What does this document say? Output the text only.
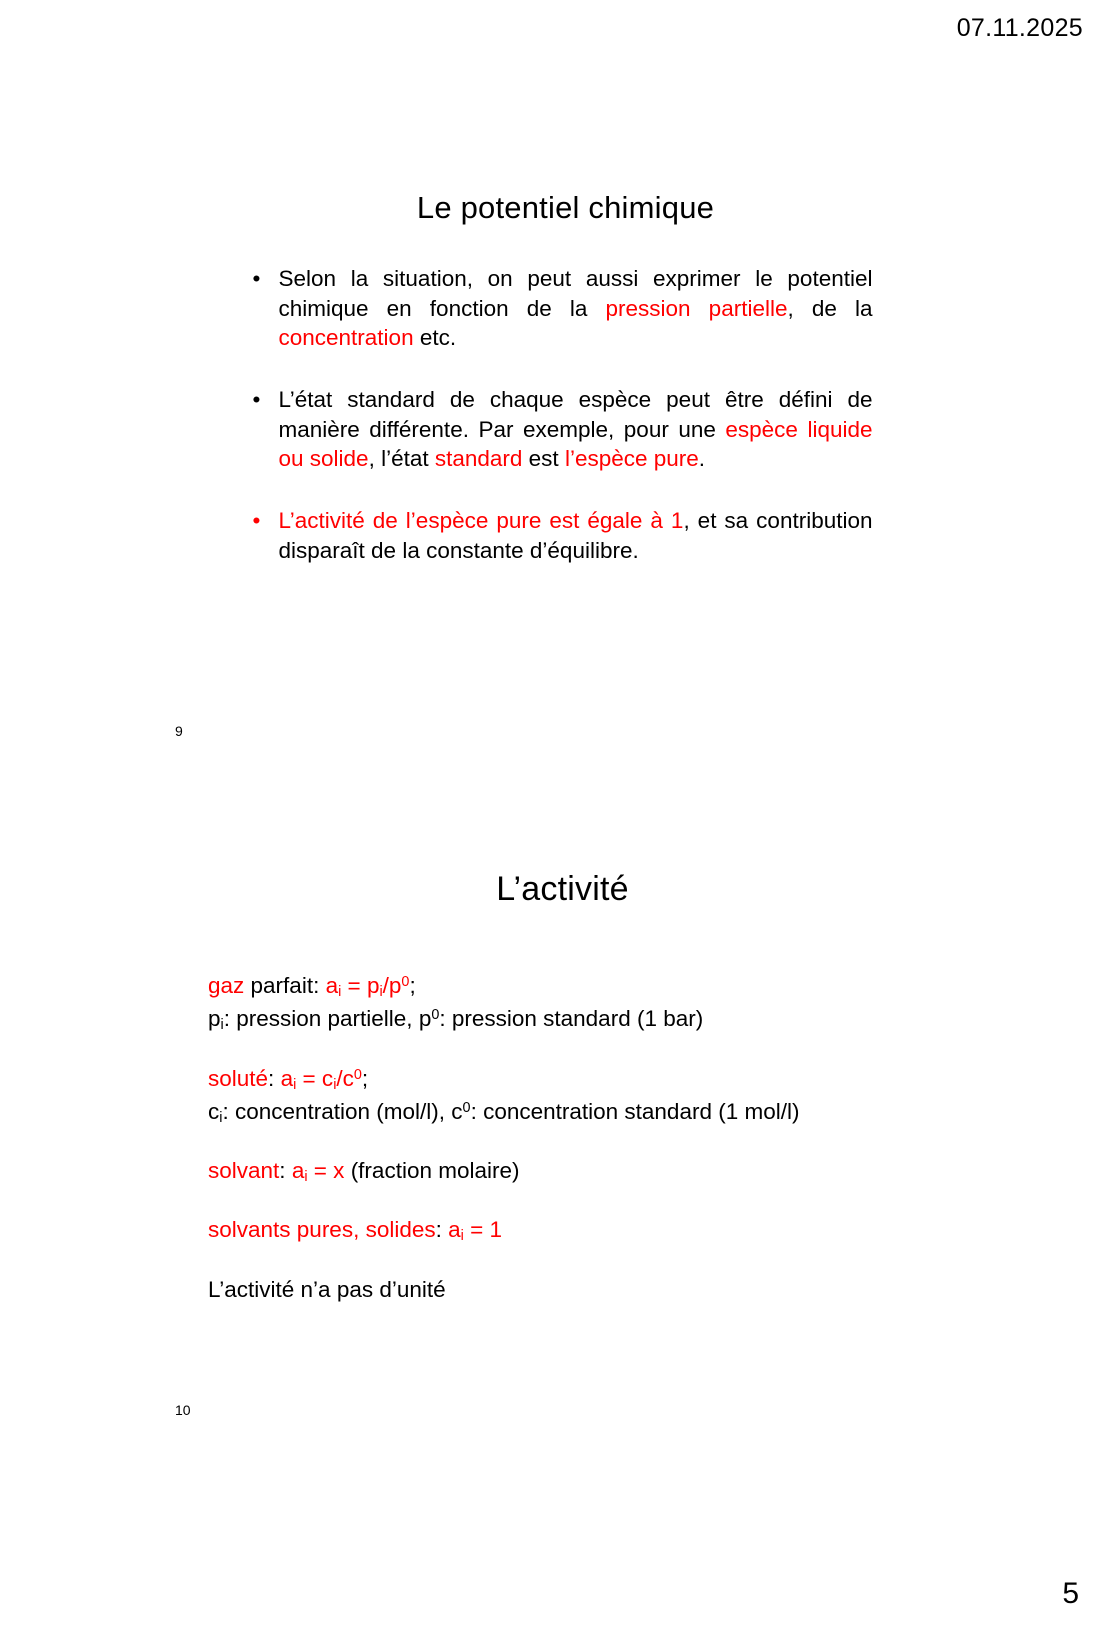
07.11.2025
Le potentiel chimique
• Selon la situation, on peut aussi exprimer le potentiel chimique en fonction de la pression partielle, de la concentration etc.
• L’état standard de chaque espèce peut être défini de manière différente. Par exemple, pour une espèce liquide ou solide, l’état standard est l’espèce pure.
• L’activité de l’espèce pure est égale à 1, et sa contribution disparaît de la constante d’équilibre.
9
L’activité
gaz parfait: $a_i = p_i/p^0$;
$p_i$: pression partielle, $p^0$: pression standard (1 bar)
soluté: $a_i = c_i/c^0$;
$c_i$: concentration (mol/l), $c^0$: concentration standard (1 mol/l)
solvant: $a_i = x$ (fraction molaire)
solvants pures, solides: $a_i = 1$
L’activité n’a pas d’unité
10
5
